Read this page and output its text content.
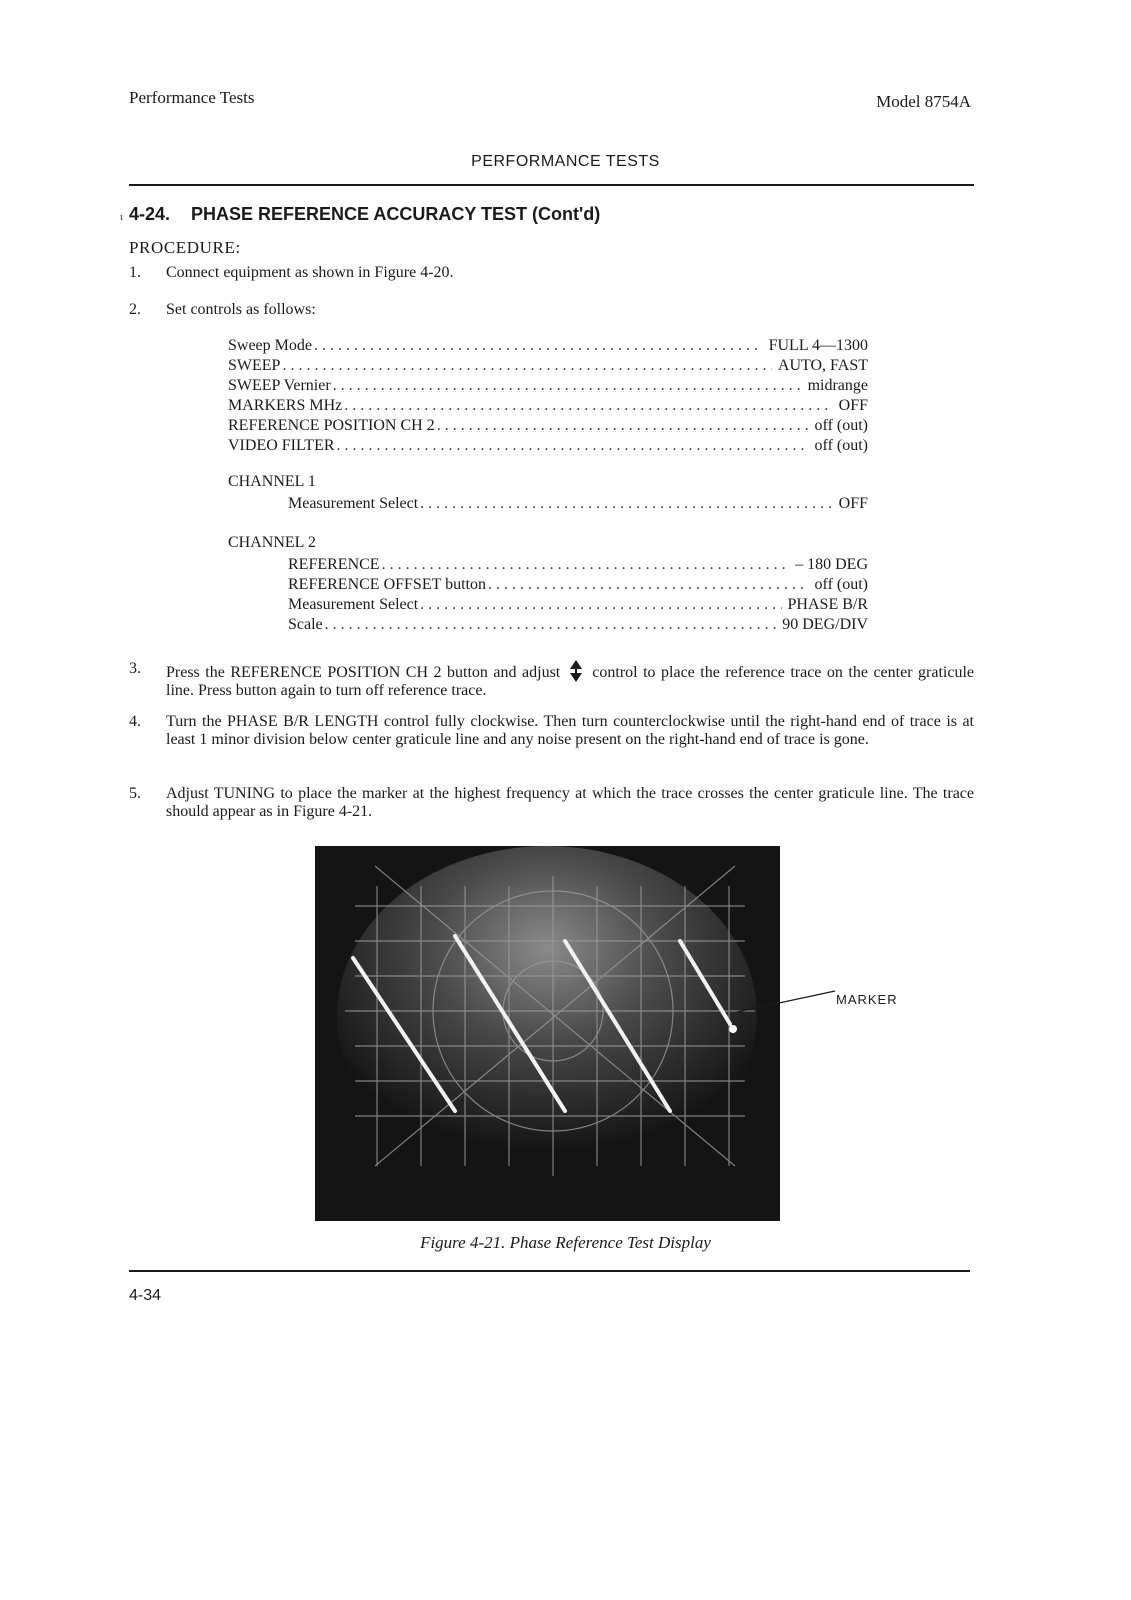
Performance Tests	Model 8754A
PERFORMANCE TESTS
ι 4-24. PHASE REFERENCE ACCURACY TEST (Cont'd)
PROCEDURE:
1. Connect equipment as shown in Figure 4-20.
2. Set controls as follows:
Sweep Mode . . .	FULL 4—1300
SWEEP . . .	AUTO, FAST
SWEEP Vernier . . .	midrange
MARKERS MHz . . .	OFF
REFERENCE POSITION CH 2 . . .	off (out)
VIDEO FILTER . . .	off (out)
CHANNEL 1
Measurement Select . . .	OFF
CHANNEL 2
REFERENCE . . .	– 180 DEG
REFERENCE OFFSET button . . .	off (out)
Measurement Select . . .	PHASE B/R
Scale . . .	90 DEG/DIV
3. Press the REFERENCE POSITION CH 2 button and adjust control to place the reference trace on the center graticule line. Press button again to turn off reference trace.
4. Turn the PHASE B/R LENGTH control fully clockwise. Then turn counterclockwise until the right-hand end of trace is at least 1 minor division below center graticule line and any noise present on the right-hand end of trace is gone.
5. Adjust TUNING to place the marker at the highest frequency at which the trace crosses the center graticule line. The trace should appear as in Figure 4-21.
MARKER
Figure 4-21. Phase Reference Test Display
4-34
